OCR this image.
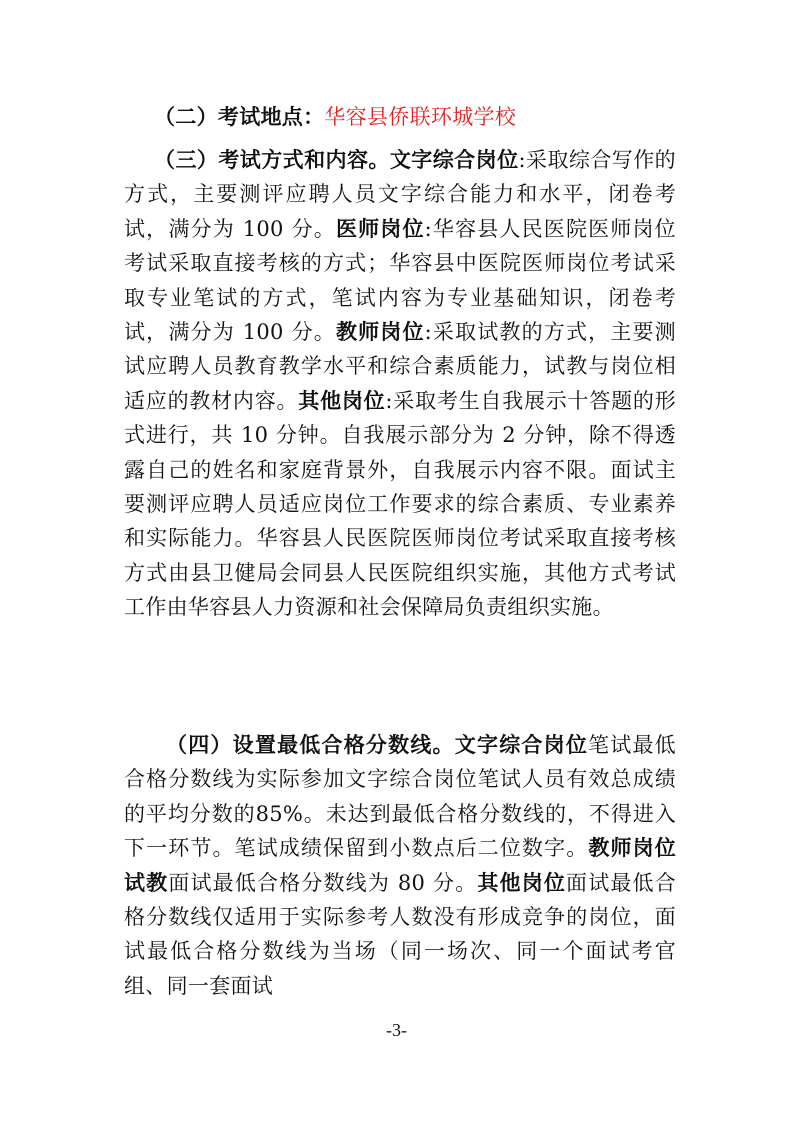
（二）考试地点：华容县侨联环城学校
（三）考试方式和内容。文字综合岗位:采取综合写作的方式，主要测评应聘人员文字综合能力和水平，闭卷考试，满分为 100 分。医师岗位:华容县人民医院医师岗位考试采取直接考核的方式；华容县中医院医师岗位考试采取专业笔试的方式，笔试内容为专业基础知识，闭卷考试，满分为 100 分。教师岗位:采取试教的方式，主要测试应聘人员教育教学水平和综合素质能力，试教与岗位相适应的教材内容。其他岗位:采取考生自我展示十答题的形式进行，共 10 分钟。自我展示部分为 2 分钟，除不得透露自己的姓名和家庭背景外，自我展示内容不限。面试主要测评应聘人员适应岗位工作要求的综合素质、专业素养和实际能力。华容县人民医院医师岗位考试采取直接考核方式由县卫健局会同县人民医院组织实施，其他方式考试工作由华容县人力资源和社会保障局负责组织实施。
（四）设置最低合格分数线。文字综合岗位笔试最低合格分数线为实际参加文字综合岗位笔试人员有效总成绩的平均分数的85%。未达到最低合格分数线的，不得进入下一环节。笔试成绩保留到小数点后二位数字。教师岗位试教面试最低合格分数线为 80 分。其他岗位面试最低合格分数线仅适用于实际参考人数没有形成竞争的岗位，面试最低合格分数线为当场（同一场次、同一个面试考官组、同一套面试
-3-
